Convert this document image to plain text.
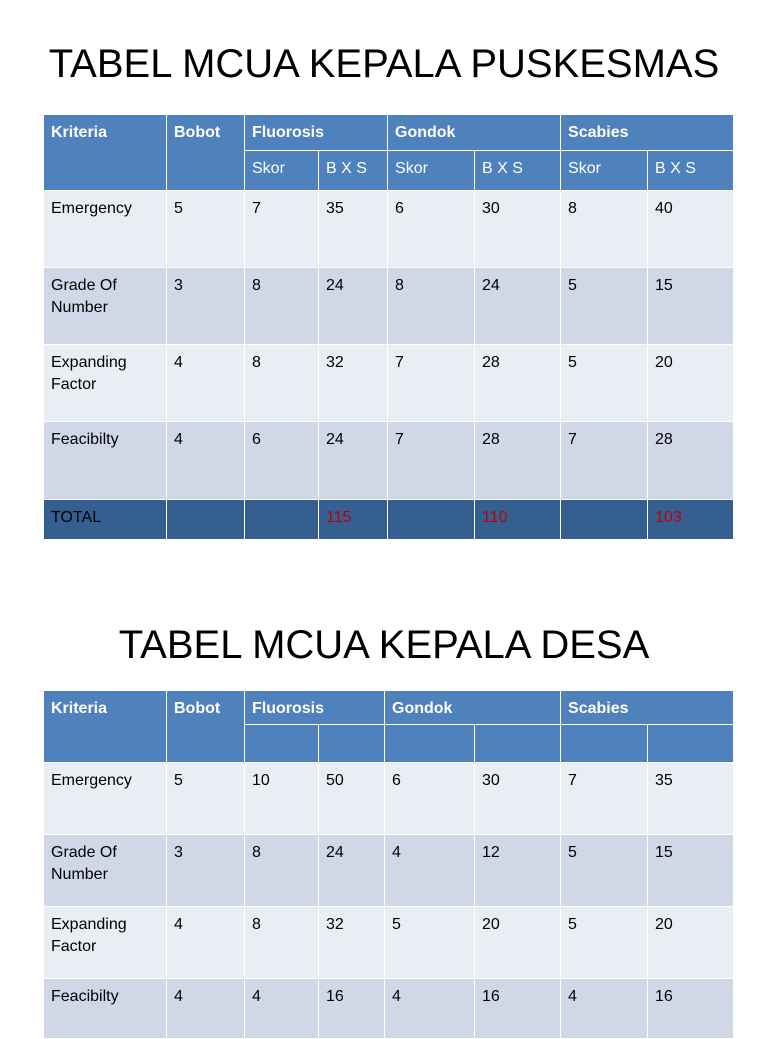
TABEL MCUA KEPALA PUSKESMAS
Kriteria	Bobot	Fluorosis		Gondok		Scabies	
		Skor	B X S	Skor	B X S	Skor	B X S
Emergency	5	7	35	6	30	8	40
Grade Of Number	3	8	24	8	24	5	15
Expanding Factor	4	8	32	7	28	5	20
Feacibilty	4	6	24	7	28	7	28
TOTAL			115		110		103
TABEL MCUA KEPALA DESA
Kriteria	Bobot	Fluorosis		Gondok		Scabies	

Emergency	5	10	50	6	30	7	35
Grade Of Number	3	8	24	4	12	5	15
Expanding Factor	4	8	32	5	20	5	20
Feacibilty	4	4	16	4	16	4	16
